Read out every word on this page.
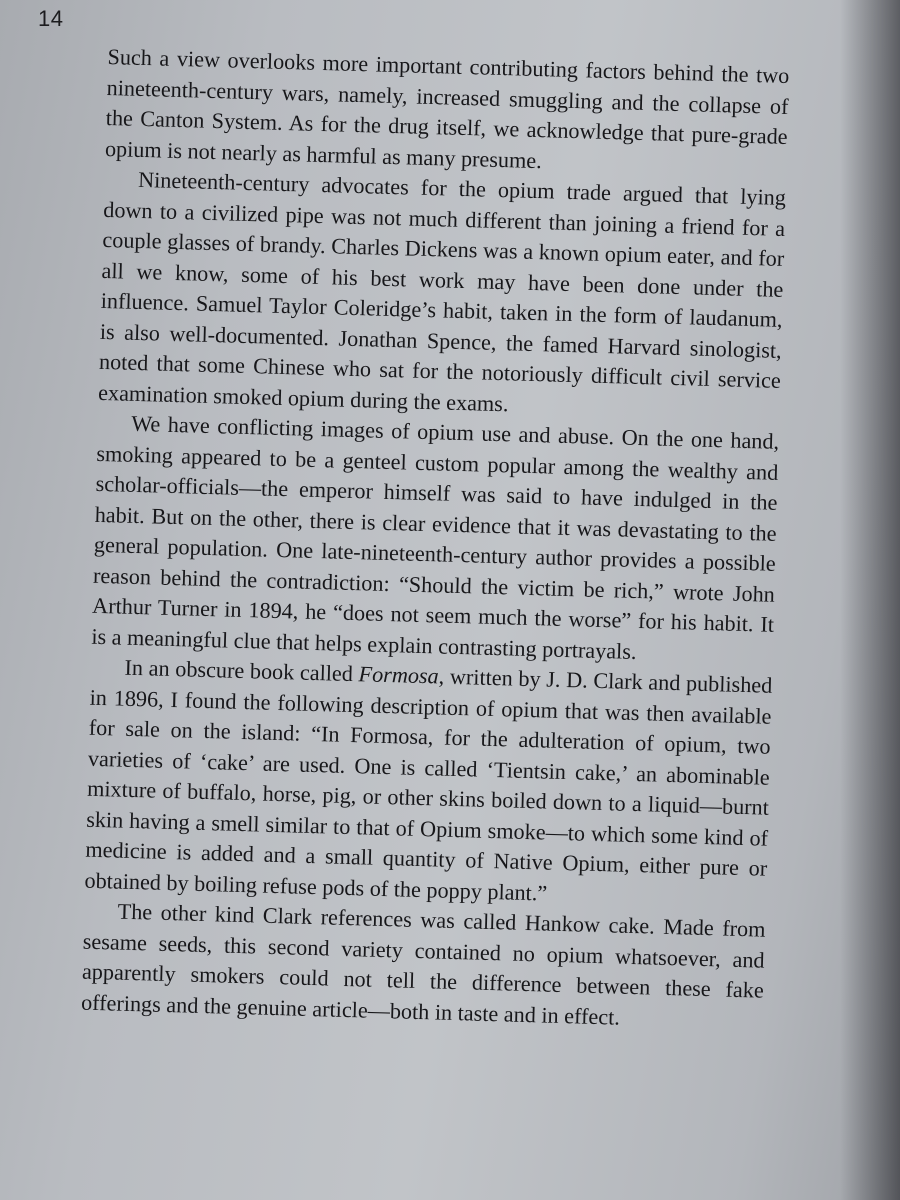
14

Such a view overlooks more important contributing factors behind the two nineteenth-century wars, namely, increased smuggling and the collapse of the Canton System. As for the drug itself, we acknowledge that pure-grade opium is not nearly as harmful as many presume.

Nineteenth-century advocates for the opium trade argued that lying down to a civilized pipe was not much different than joining a friend for a couple glasses of brandy. Charles Dickens was a known opium eater, and for all we know, some of his best work may have been done under the influence. Samuel Taylor Coleridge’s habit, taken in the form of laudanum, is also well-documented. Jonathan Spence, the famed Harvard sinologist, noted that some Chinese who sat for the notoriously difficult civil service examination smoked opium during the exams.

We have conflicting images of opium use and abuse. On the one hand, smoking appeared to be a genteel custom popular among the wealthy and scholar-officials—the emperor himself was said to have indulged in the habit. But on the other, there is clear evidence that it was devastating to the general population. One late-nineteenth-century author provides a possible reason behind the contradiction: “Should the victim be rich,” wrote John Arthur Turner in 1894, he “does not seem much the worse” for his habit. It is a meaningful clue that helps explain contrasting portrayals.

In an obscure book called Formosa, written by J. D. Clark and published in 1896, I found the following description of opium that was then available for sale on the island: “In Formosa, for the adulteration of opium, two varieties of ‘cake’ are used. One is called ‘Tientsin cake,’ an abominable mixture of buffalo, horse, pig, or other skins boiled down to a liquid—burnt skin having a smell similar to that of Opium smoke—to which some kind of medicine is added and a small quantity of Native Opium, either pure or obtained by boiling refuse pods of the poppy plant.”

The other kind Clark references was called Hankow cake. Made from sesame seeds, this second variety contained no opium whatsoever, and apparently smokers could not tell the difference between these fake offerings and the genuine article—both in taste and in effect.
